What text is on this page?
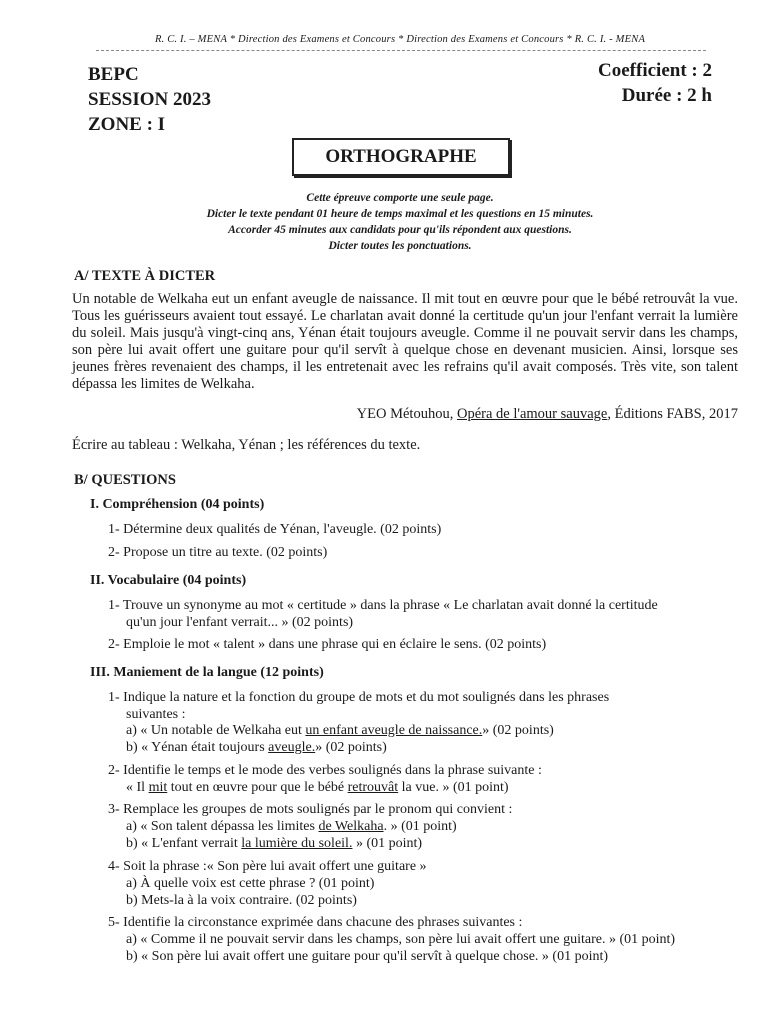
R. C. I. – MENA * Direction des Examens et Concours * Direction des Examens et Concours * R. C. I. - MENA
BEPC
SESSION 2023
ZONE : I
Coefficient : 2
Durée : 2 h
ORTHOGRAPHE
Cette épreuve comporte une seule page.
Dicter le texte pendant 01 heure de temps maximal et les questions en 15 minutes.
Accorder 45 minutes aux candidats pour qu'ils répondent aux questions.
Dicter toutes les ponctuations.
A/ TEXTE À DICTER
Un notable de Welkaha eut un enfant aveugle de naissance. Il mit tout en œuvre pour que le bébé retrouvât la vue. Tous les guérisseurs avaient tout essayé. Le charlatan avait donné la certitude qu'un jour l'enfant verrait la lumière du soleil. Mais jusqu'à vingt-cinq ans, Yénan était toujours aveugle. Comme il ne pouvait servir dans les champs, son père lui avait offert une guitare pour qu'il servît à quelque chose en devenant musicien. Ainsi, lorsque ses jeunes frères revenaient des champs, il les entretenait avec les refrains qu'il avait composés. Très vite, son talent dépassa les limites de Welkaha.
YEO Métouhou, Opéra de l'amour sauvage, Éditions FABS, 2017
Écrire au tableau : Welkaha, Yénan ; les références du texte.
B/ QUESTIONS
I. Compréhension (04 points)
1- Détermine deux qualités de Yénan, l'aveugle. (02 points)
2- Propose un titre au texte. (02 points)
II. Vocabulaire (04 points)
1- Trouve un synonyme au mot « certitude » dans la phrase « Le charlatan avait donné la certitude
qu'un jour l'enfant verrait... » (02 points)
2- Emploie le mot « talent » dans une phrase qui en éclaire le sens. (02 points)
III. Maniement de la langue (12 points)
1- Indique la nature et la fonction du groupe de mots et du mot soulignés dans les phrases
suivantes :
a) « Un notable de Welkaha eut un enfant aveugle de naissance.» (02 points)
b) « Yénan était toujours aveugle.» (02 points)
2- Identifie le temps et le mode des verbes soulignés dans la phrase suivante :
« Il mit tout en œuvre pour que le bébé retrouvât la vue. » (01 point)
3- Remplace les groupes de mots soulignés par le pronom qui convient :
a) « Son talent dépassa les limites de Welkaha. » (01 point)
b) « L'enfant verrait la lumière du soleil. » (01 point)
4- Soit la phrase :« Son père lui avait offert une guitare »
a) À quelle voix est cette phrase ? (01 point)
b) Mets-la à la voix contraire. (02 points)
5- Identifie la circonstance exprimée dans chacune des phrases suivantes :
a) « Comme il ne pouvait servir dans les champs, son père lui avait offert une guitare. » (01 point)
b) « Son père lui avait offert une guitare pour qu'il servît à quelque chose. » (01 point)
